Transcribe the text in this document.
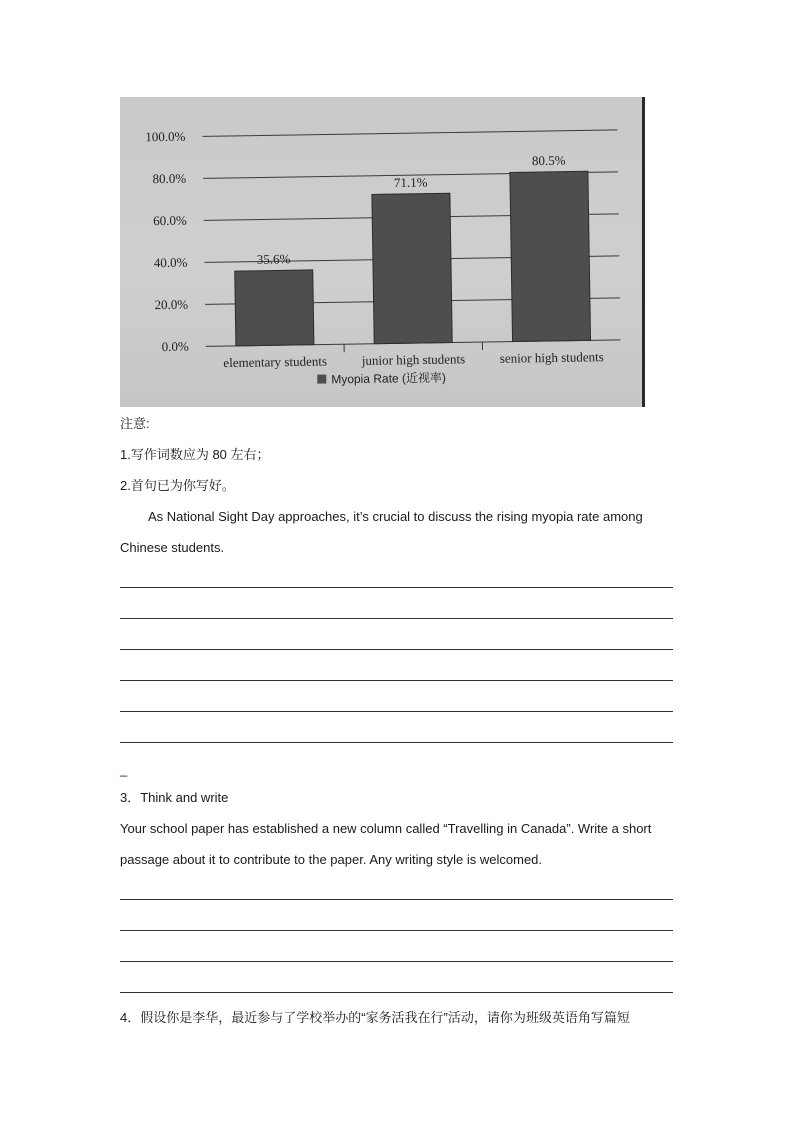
0.0%
20.0%
40.0%
60.0%
80.0%
100.0%
35.6%
elementary students
71.1%
junior high students
80.5%
senior high students
Myopia Rate (近视率)
注意:
1.写作词数应为 80 左右；
2.首句已为你写好。
As National Sight Day approaches, it’s crucial to discuss the rising myopia rate among
Chinese students.
_
3．Think and write
Your school paper has established a new column called “Travelling in Canada”. Write a short
passage about it to contribute to the paper. Any writing style is welcomed.
4．假设你是李华，最近参与了学校举办的“家务活我在行”活动，请你为班级英语角写篇短
